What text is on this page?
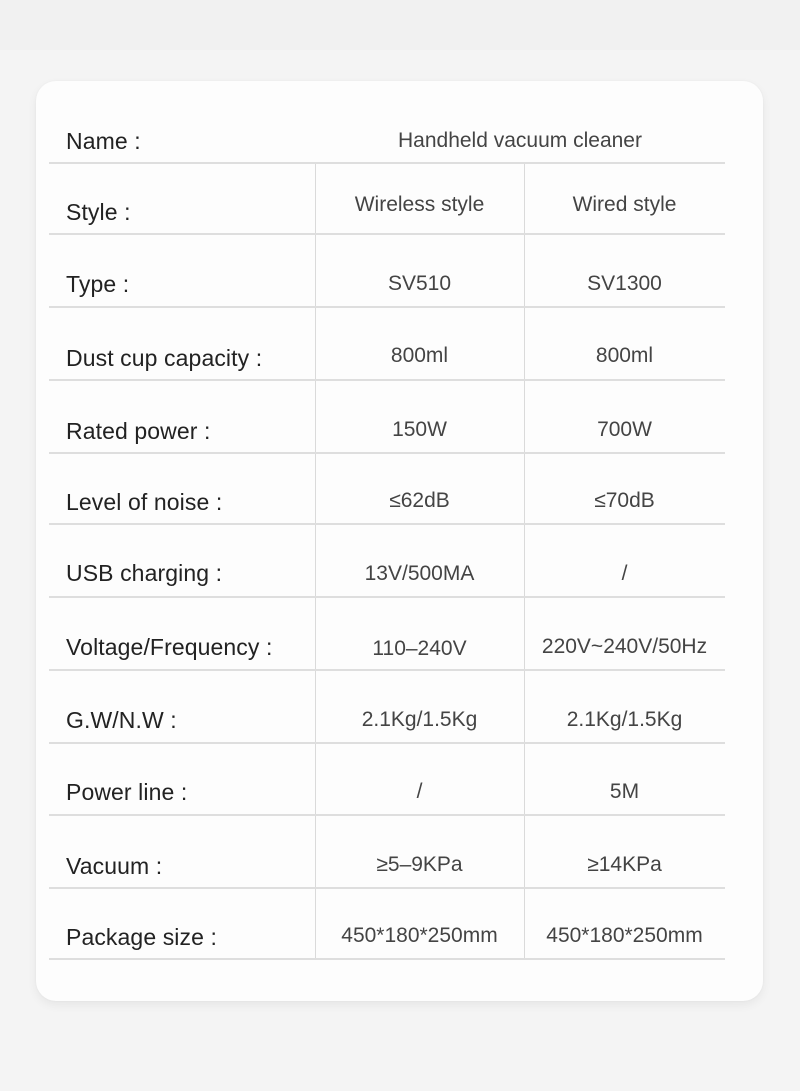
Name :	Handheld vacuum cleaner
Style :	Wireless style	Wired style
Type :	SV510	SV1300
Dust cup capacity :	800ml	800ml
Rated power :	150W	700W
Level of noise :	≤62dB	≤70dB
USB charging :	13V/500MA	/
Voltage/Frequency :	110–240V	220V~240V/50Hz
G.W/N.W :	2.1Kg/1.5Kg	2.1Kg/1.5Kg
Power line :	/	5M
Vacuum :	≥5–9KPa	≥14KPa
Package size :	450*180*250mm	450*180*250mm
